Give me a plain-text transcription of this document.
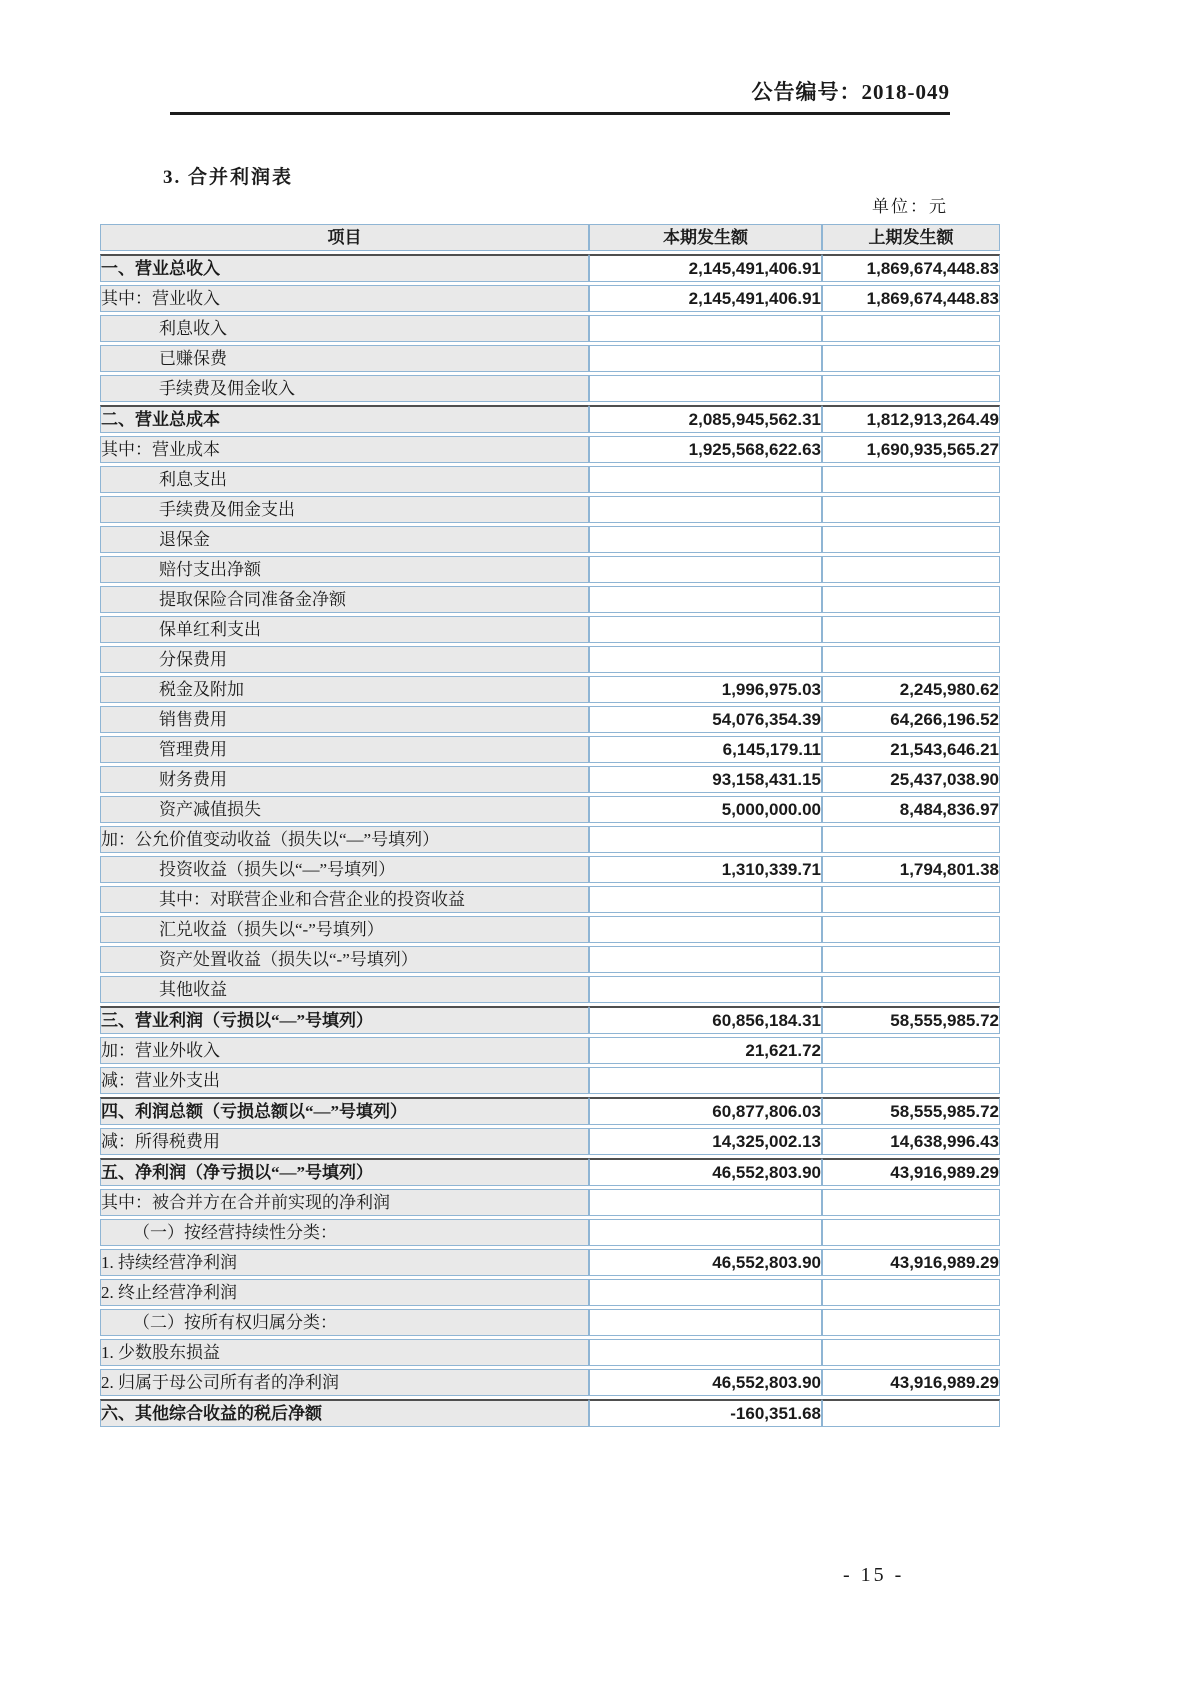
公告编号：2018-049
3. 合并利润表
单位：元
项目	本期发生额	上期发生额
一、营业总收入	2,145,491,406.91	1,869,674,448.83
其中：营业收入	2,145,491,406.91	1,869,674,448.83
利息收入		
已赚保费		
手续费及佣金收入		
二、营业总成本	2,085,945,562.31	1,812,913,264.49
其中：营业成本	1,925,568,622.63	1,690,935,565.27
利息支出		
手续费及佣金支出		
退保金		
赔付支出净额		
提取保险合同准备金净额		
保单红利支出		
分保费用		
税金及附加	1,996,975.03	2,245,980.62
销售费用	54,076,354.39	64,266,196.52
管理费用	6,145,179.11	21,543,646.21
财务费用	93,158,431.15	25,437,038.90
资产减值损失	5,000,000.00	8,484,836.97
加：公允价值变动收益（损失以“—”号填列）		
投资收益（损失以“—”号填列）	1,310,339.71	1,794,801.38
其中：对联营企业和合营企业的投资收益		
汇兑收益（损失以“-”号填列）		
资产处置收益（损失以“-”号填列）		
其他收益		
三、营业利润（亏损以“—”号填列）	60,856,184.31	58,555,985.72
加：营业外收入	21,621.72	
减：营业外支出		
四、利润总额（亏损总额以“—”号填列）	60,877,806.03	58,555,985.72
减：所得税费用	14,325,002.13	14,638,996.43
五、净利润（净亏损以“—”号填列）	46,552,803.90	43,916,989.29
其中：被合并方在合并前实现的净利润		
（一）按经营持续性分类：		
1. 持续经营净利润	46,552,803.90	43,916,989.29
2. 终止经营净利润		
（二）按所有权归属分类：		
1. 少数股东损益		
2. 归属于母公司所有者的净利润	46,552,803.90	43,916,989.29
六、其他综合收益的税后净额	-160,351.68	
- 15 -
